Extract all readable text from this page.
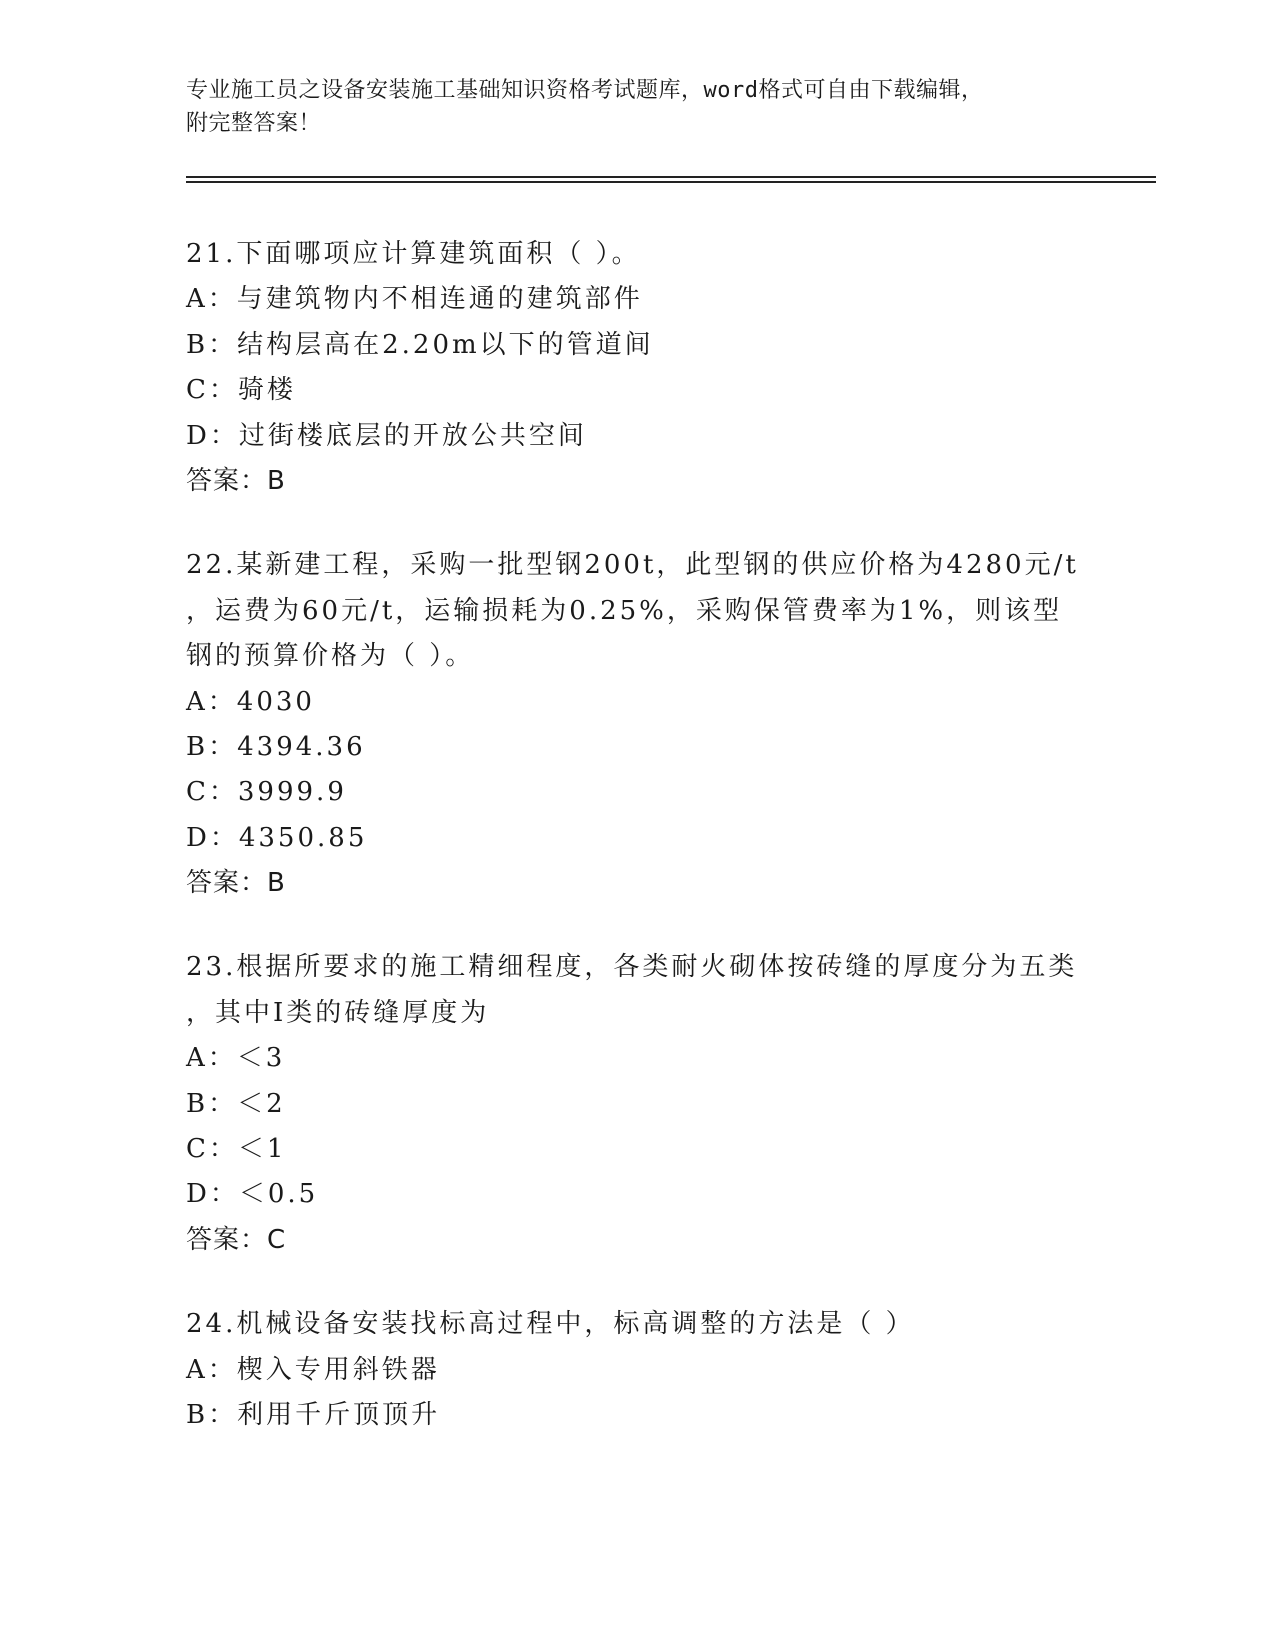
专业施工员之设备安装施工基础知识资格考试题库，word格式可自由下载编辑，
附完整答案！
21.下面哪项应计算建筑面积（ ）。
A：与建筑物内不相连通的建筑部件
B：结构层高在2.20m以下的管道间
C：骑楼
D：过街楼底层的开放公共空间
答案：B
22.某新建工程，采购一批型钢200t，此型钢的供应价格为4280元/t
，运费为60元/t，运输损耗为0.25%，采购保管费率为1%，则该型
钢的预算价格为（ ）。
A：4030
B：4394.36
C：3999.9
D：4350.85
答案：B
23.根据所要求的施工精细程度，各类耐火砌体按砖缝的厚度分为五类
，其中I类的砖缝厚度为
A：＜3
B：＜2
C：＜1
D：＜0.5
答案：C
24.机械设备安装找标高过程中，标高调整的方法是（ ）
A：楔入专用斜铁器
B：利用千斤顶顶升
